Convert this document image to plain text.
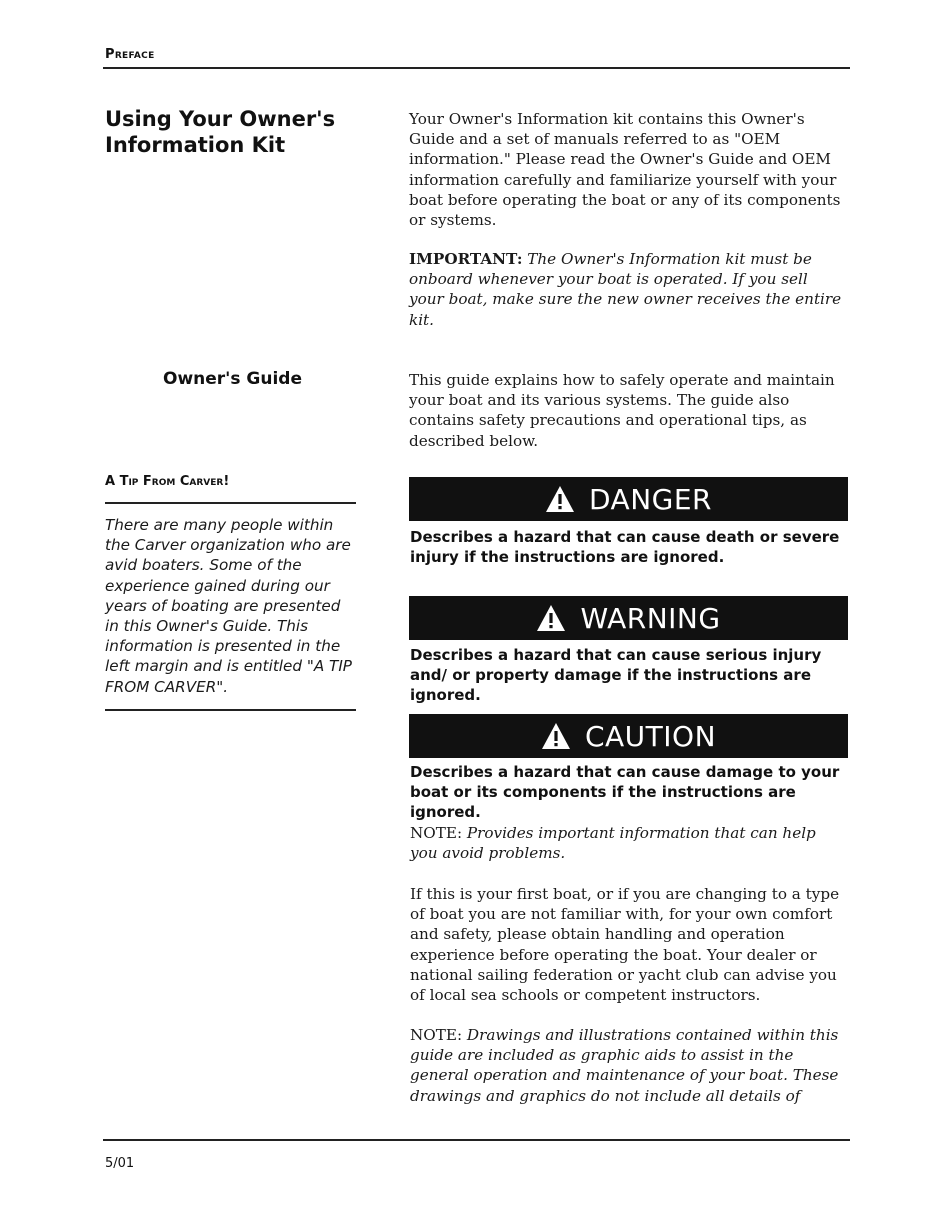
Preface
Using Your Owner's Information Kit
Owner's Guide
A Tip From Carver!
There are many people within the Carver organization who are avid boaters. Some of the experience gained during our years of boating are presented in this Owner's Guide. This information is presented in the left margin and is entitled "A TIP FROM CARVER".
Your Owner's Information kit contains this Owner's Guide and a set of manuals referred to as "OEM information." Please read the Owner's Guide and OEM information carefully and familiarize yourself with your boat before operating the boat or any of its components or systems.
IMPORTANT: The Owner's Information kit must be onboard whenever your boat is operated. If you sell your boat, make sure the new owner receives the entire kit.
This guide explains how to safely operate and maintain your boat and its various systems. The guide also contains safety precautions and operational tips, as described below.
DANGER
Describes a hazard that can cause death or severe injury if the instructions are ignored.
WARNING
Describes a hazard that can cause serious injury and/ or property damage if the instructions are ignored.
CAUTION
Describes a hazard that can cause damage to your boat or its components if the instructions are ignored.
NOTE: Provides important information that can help you avoid problems.
If this is your first boat, or if you are changing to a type of boat you are not familiar with, for your own comfort and safety, please obtain handling and operation experience before operating the boat. Your dealer or national sailing federation or yacht club can advise you of local sea schools or competent instructors.
NOTE: Drawings and illustrations contained within this guide are included as graphic aids to assist in the general operation and maintenance of your boat. These drawings and graphics do not include all details of
5/01
